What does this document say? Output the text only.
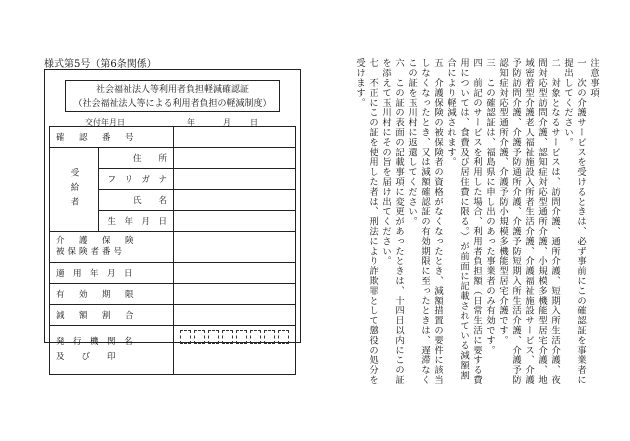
様式第5号（第6条関係）
社会福祉法人等利用者負担軽減確認証
（社会福祉法人等による利用者負担の軽減制度）
交付年月日	年	月 日
確　認　番　号		
受給者	住　　所	
	フ　リ　ガ　ナ	
	氏　　名	
	生　年　月　日	

介　護　保　険
被保険者番号		

適　用　年　月　日		
有　効　期　限		
減　額　割　合		

発　行　機　関　名
及　　び　　印		

注意事項

一　次の介護サービスを受けるときは、必ず事前にこの確認証を事業者に提出してください。

二　対象となるサービスは、訪問介護、通所介護、短期入所生活介護、夜間対応型訪問介護、認知症対応型通所介護、小規模多機能型居宅介護、地域密着型介護老人福祉施設入所者生活介護、介護福祉施設サービス、介護予防訪問介護、介護予防通所介護、介護予防短期入所生活介護、介護予防認知症対応型通所介護、介護予防小規模多機能型居宅介護です。

三　この確認証は、福島県に申し出のあった事業者のみ有効です。

四　前記のサービスを利用した場合、利用者負担額（日常生活に要する費用については、食費及び居住費に限る。）が前面に記載されている減額割合により軽減されます。

五　介護保険の被保険者の資格がなくなったとき、減額措置の要件に該当しなくなったとき、又は減額確認証の有効期限に至ったときは、遅滞なくこの証を玉川村に返還してください。

六　この証の表面の記載事項に変更があったときは、十四日以内にこの証を添えて玉川村にその旨を届け出てください。

七　不正にこの証を使用した者は、刑法により詐欺罪として懲役の処分を受けます。
